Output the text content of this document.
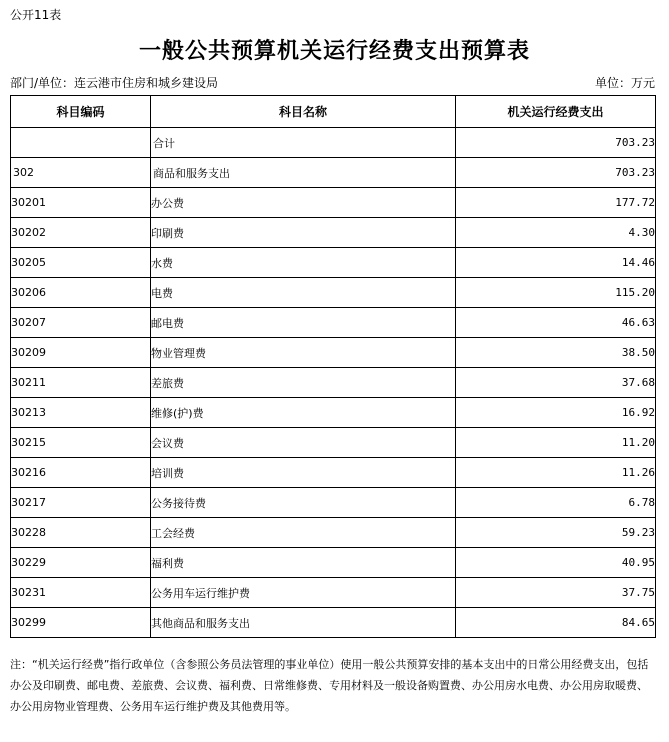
公开11表
一般公共预算机关运行经费支出预算表
部门/单位：连云港市住房和城乡建设局	单位：万元
科目编码	科目名称	机关运行经费支出
	合计	703.23
302	商品和服务支出	703.23
30201	办公费	177.72
30202	印刷费	4.30
30205	水费	14.46
30206	电费	115.20
30207	邮电费	46.63
30209	物业管理费	38.50
30211	差旅费	37.68
30213	维修(护)费	16.92
30215	会议费	11.20
30216	培训费	11.26
30217	公务接待费	6.78
30228	工会经费	59.23
30229	福利费	40.95
30231	公务用车运行维护费	37.75
30299	其他商品和服务支出	84.65
注：“机关运行经费”指行政单位（含参照公务员法管理的事业单位）使用一般公共预算安排的基本支出中的日常公用经费支出，包括办公及印刷费、邮电费、差旅费、会议费、福利费、日常维修费、专用材料及一般设备购置费、办公用房水电费、办公用房取暖费、办公用房物业管理费、公务用车运行维护费及其他费用等。
